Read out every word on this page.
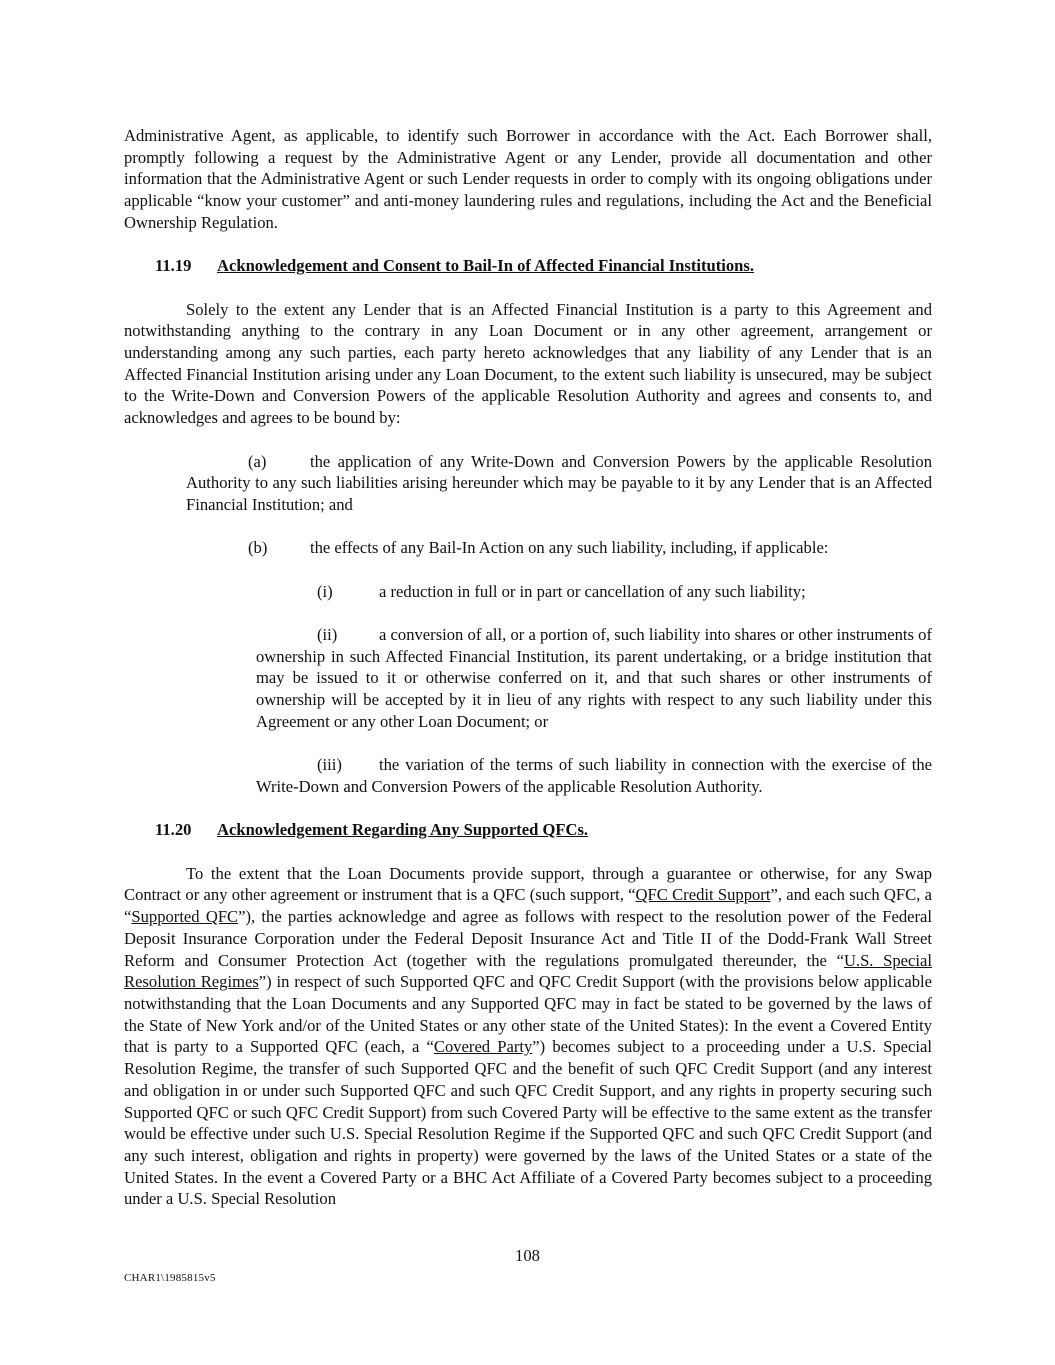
Administrative Agent, as applicable, to identify such Borrower in accordance with the Act. Each Borrower shall, promptly following a request by the Administrative Agent or any Lender, provide all documentation and other information that the Administrative Agent or such Lender requests in order to comply with its ongoing obligations under applicable “know your customer” and anti-money laundering rules and regulations, including the Act and the Beneficial Ownership Regulation.

11.19 Acknowledgement and Consent to Bail-In of Affected Financial Institutions.

Solely to the extent any Lender that is an Affected Financial Institution is a party to this Agreement and notwithstanding anything to the contrary in any Loan Document or in any other agreement, arrangement or understanding among any such parties, each party hereto acknowledges that any liability of any Lender that is an Affected Financial Institution arising under any Loan Document, to the extent such liability is unsecured, may be subject to the Write-Down and Conversion Powers of the applicable Resolution Authority and agrees and consents to, and acknowledges and agrees to be bound by:

(a)	the application of any Write-Down and Conversion Powers by the applicable Resolution Authority to any such liabilities arising hereunder which may be payable to it by any Lender that is an Affected Financial Institution; and

(b)	the effects of any Bail-In Action on any such liability, including, if applicable:

(i)	a reduction in full or in part or cancellation of any such liability;

(ii)	a conversion of all, or a portion of, such liability into shares or other instruments of ownership in such Affected Financial Institution, its parent undertaking, or a bridge institution that may be issued to it or otherwise conferred on it, and that such shares or other instruments of ownership will be accepted by it in lieu of any rights with respect to any such liability under this Agreement or any other Loan Document; or

(iii) the variation of the terms of such liability in connection with the exercise of the Write-Down and Conversion Powers of the applicable Resolution Authority.

11.20 Acknowledgement Regarding Any Supported QFCs.

To the extent that the Loan Documents provide support, through a guarantee or otherwise, for any Swap Contract or any other agreement or instrument that is a QFC (such support, “QFC Credit Support”, and each such QFC, a “Supported QFC”), the parties acknowledge and agree as follows with respect to the resolution power of the Federal Deposit Insurance Corporation under the Federal Deposit Insurance Act and Title II of the Dodd-Frank Wall Street Reform and Consumer Protection Act (together with the regulations promulgated thereunder, the “U.S. Special Resolution Regimes”) in respect of such Supported QFC and QFC Credit Support (with the provisions below applicable notwithstanding that the Loan Documents and any Supported QFC may in fact be stated to be governed by the laws of the State of New York and/or of the United States or any other state of the United States): In the event a Covered Entity that is party to a Supported QFC (each, a “Covered Party”) becomes subject to a proceeding under a U.S. Special Resolution Regime, the transfer of such Supported QFC and the benefit of such QFC Credit Support (and any interest and obligation in or under such Supported QFC and such QFC Credit Support, and any rights in property securing such Supported QFC or such QFC Credit Support) from such Covered Party will be effective to the same extent as the transfer would be effective under such U.S. Special Resolution Regime if the Supported QFC and such QFC Credit Support (and any such interest, obligation and rights in property) were governed by the laws of the United States or a state of the United States. In the event a Covered Party or a BHC Act Affiliate of a Covered Party becomes subject to a proceeding under a U.S. Special Resolution

108
CHAR1\1985815v5
